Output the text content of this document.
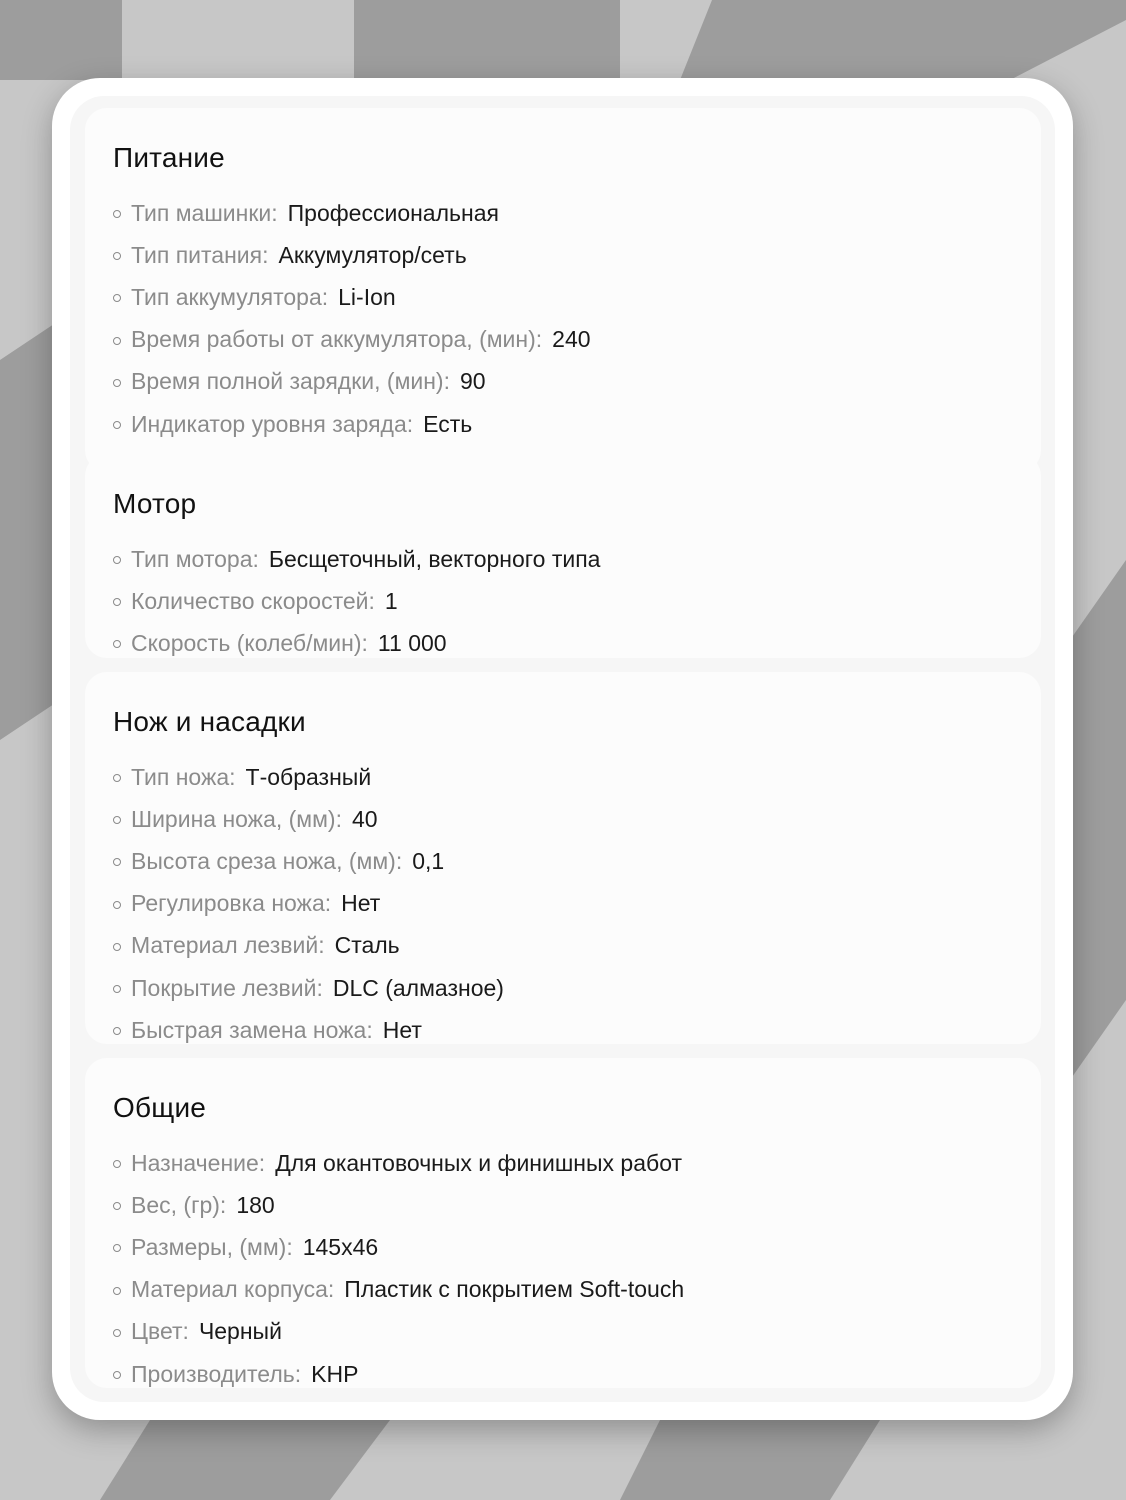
Питание
Тип машинки : Профессиональная
Тип питания : Аккумулятор/сеть
Тип аккумулятора : Li-Ion
Время работы от аккумулятора, (мин) : 240
Время полной зарядки, (мин) : 90
Индикатор уровня заряда : Есть
Мотор
Тип мотора : Бесщеточный, векторного типа
Количество скоростей : 1
Скорость (колеб/мин) : 11 000
Нож и насадки
Тип ножа : Т-образный
Ширина ножа, (мм) : 40
Высота среза ножа, (мм) : 0,1
Регулировка ножа : Нет
Материал лезвий : Сталь
Покрытие лезвий : DLC (алмазное)
Быстрая замена ножа : Нет
Общие
Назначение : Для окантовочных и финишных работ
Вес, (гр) : 180
Размеры, (мм) : 145x46
Материал корпуса : Пластик с покрытием Soft-touch
Цвет : Черный
Производитель : KHP
